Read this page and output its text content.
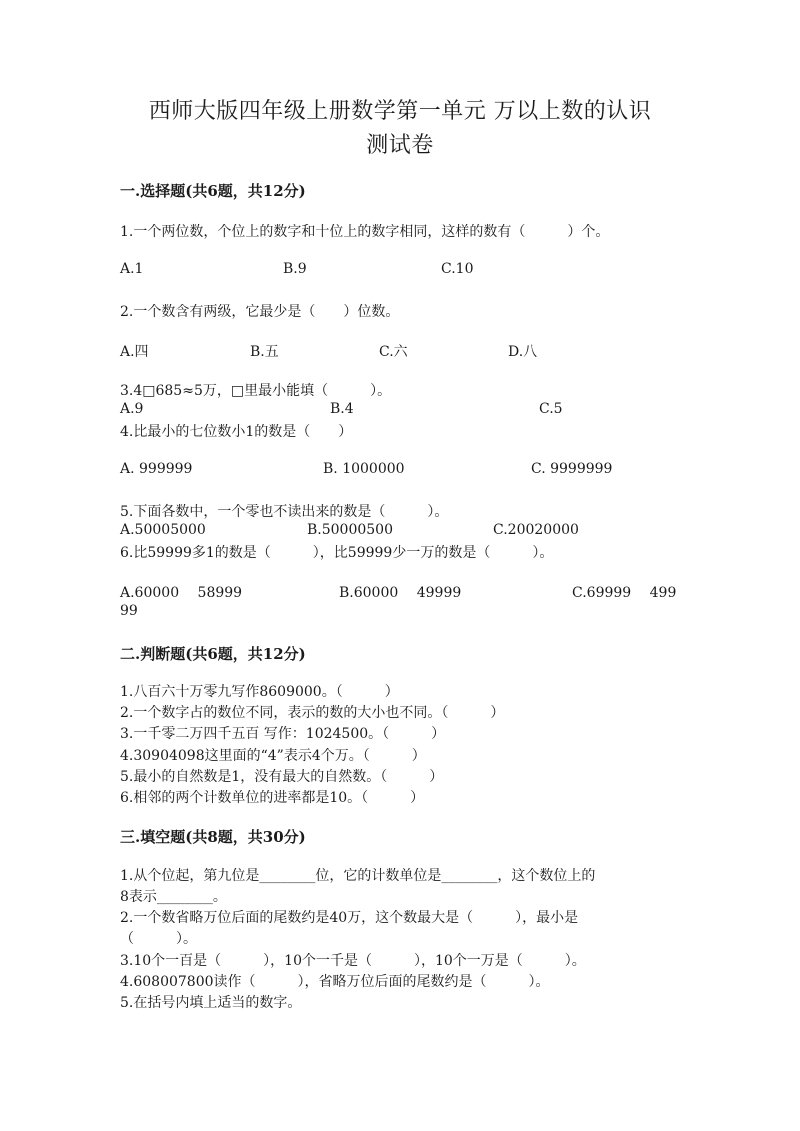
西师大版四年级上册数学第一单元 万以上数的认识
测试卷
一.选择题(共6题，共12分)
1.一个两位数，个位上的数字和十位上的数字相同，这样的数有（　　　）个。
A.1	B.9	C.10
2.一个数含有两级，它最少是（　　）位数。
A.四	B.五	C.六	D.八
3.4□685≈5万，□里最小能填（　　　）。
A.9	B.4	C.5
4.比最小的七位数小1的数是（　　）
A. 999999	B. 1000000	C. 9999999
5.下面各数中，一个零也不读出来的数是（　　　）。
A.50005000	B.50000500	C.20020000
6.比59999多1的数是（　　　），比59999少一万的数是（　　　）。
A.60000　 58999	B.60000　 49999	C.69999　 499
99
二.判断题(共6题，共12分)
1.八百六十万零九写作8609000。（　　　）
2.一个数字占的数位不同，表示的数的大小也不同。（　　　）
3.一千零二万四千五百 写作：1024500。（　　　）
4.30904098这里面的“4”表示4个万。（　　　）
5.最小的自然数是1，没有最大的自然数。（　　　）
6.相邻的两个计数单位的进率都是10。（　　　）
三.填空题(共8题，共30分)
1.从个位起，第九位是________位，它的计数单位是________，这个数位上的
8表示________。
2.一个数省略万位后面的尾数约是40万，这个数最大是（　　　），最小是
（　　　）。
3.10个一百是（　　　），10个一千是（　　　），10个一万是（　　　）。
4.608007800读作（　　　），省略万位后面的尾数约是（　　　）。
5.在括号内填上适当的数字。
